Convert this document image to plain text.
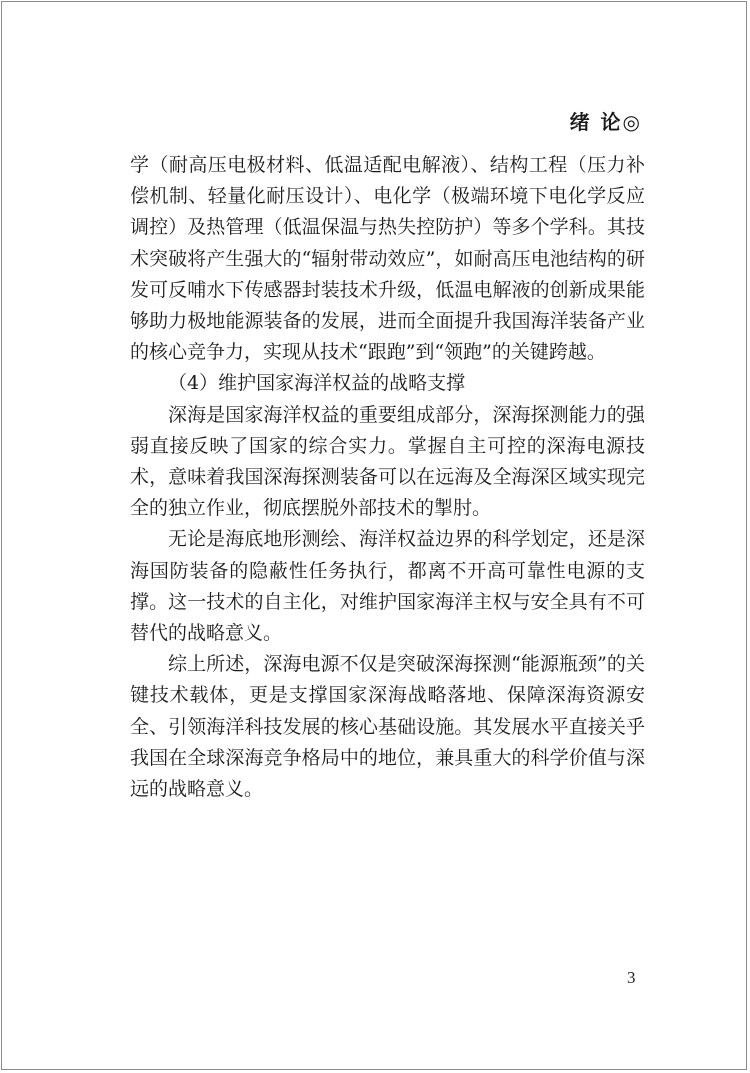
绪 论◎

学（耐高压电极材料、低温适配电解液）、结构工程（压力补偿机制、轻量化耐压设计）、电化学（极端环境下电化学反应调控）及热管理（低温保温与热失控防护）等多个学科。其技术突破将产生强大的“辐射带动效应”，如耐高压电池结构的研发可反哺水下传感器封装技术升级，低温电解液的创新成果能够助力极地能源装备的发展，进而全面提升我国海洋装备产业的核心竞争力，实现从技术“跟跑”到“领跑”的关键跨越。

（4）维护国家海洋权益的战略支撑

深海是国家海洋权益的重要组成部分，深海探测能力的强弱直接反映了国家的综合实力。掌握自主可控的深海电源技术，意味着我国深海探测装备可以在远海及全海深区域实现完全的独立作业，彻底摆脱外部技术的掣肘。

无论是海底地形测绘、海洋权益边界的科学划定，还是深海国防装备的隐蔽性任务执行，都离不开高可靠性电源的支撑。这一技术的自主化，对维护国家海洋主权与安全具有不可替代的战略意义。

综上所述，深海电源不仅是突破深海探测“能源瓶颈”的关键技术载体，更是支撑国家深海战略落地、保障深海资源安全、引领海洋科技发展的核心基础设施。其发展水平直接关乎我国在全球深海竞争格局中的地位，兼具重大的科学价值与深远的战略意义。

3
